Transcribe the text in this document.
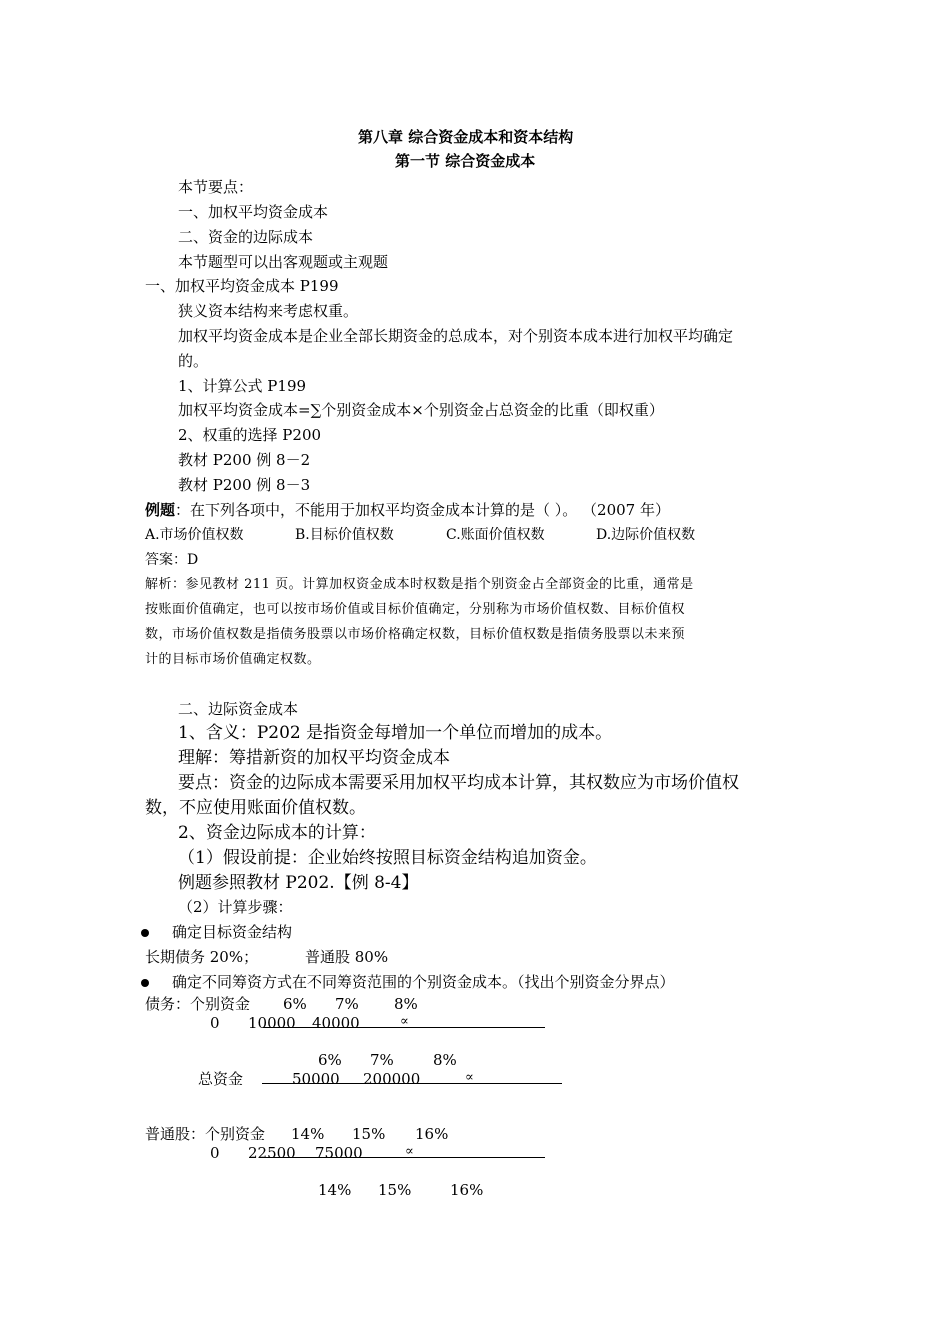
第八章 综合资金成本和资本结构
第一节 综合资金成本
本节要点：
一、加权平均资金成本
二、资金的边际成本
本节题型可以出客观题或主观题
一、加权平均资金成本 P199
狭义资本结构来考虑权重。
加权平均资金成本是企业全部长期资金的总成本，对个别资本成本进行加权平均确定
的。
1、计算公式 P199
加权平均资金成本=∑个别资金成本×个别资金占总资金的比重（即权重）
2、权重的选择 P200
教材 P200 例 8－2
教材 P200 例 8－3
例题：在下列各项中，不能用于加权平均资金成本计算的是（ ）。 （2007 年）
A.市场价值权数	B.目标价值权数	C.账面价值权数	D.边际价值权数
答案：D
解析：参见教材 211 页。计算加权资金成本时权数是指个别资金占全部资金的比重，通常是
按账面价值确定，也可以按市场价值或目标价值确定，分别称为市场价值权数、目标价值权
数，市场价值权数是指债务股票以市场价格确定权数，目标价值权数是指债务股票以未来预
计的目标市场价值确定权数。
二、边际资金成本
1、含义：P202 是指资金每增加一个单位而增加的成本。
理解：筹措新资的加权平均资金成本
要点：资金的边际成本需要采用加权平均成本计算，其权数应为市场价值权
数，不应使用账面价值权数。
2、资金边际成本的计算：
（1）假设前提：企业始终按照目标资金结构追加资金。
例题参照教材 P202.【例 8-4】
（2）计算步骤：
确定目标资金结构
长期债务 20%；	普通股 80%
确定不同筹资方式在不同筹资范围的个别资金成本。（找出个别资金分界点）
债务：个别资金 6% 7% 8%
0 10000 40000	∝
6% 7%	8%
总资金	50000 200000	∝
普通股：个别资金 14% 15% 16%
0 22500 75000	∝
14% 15%	16%
